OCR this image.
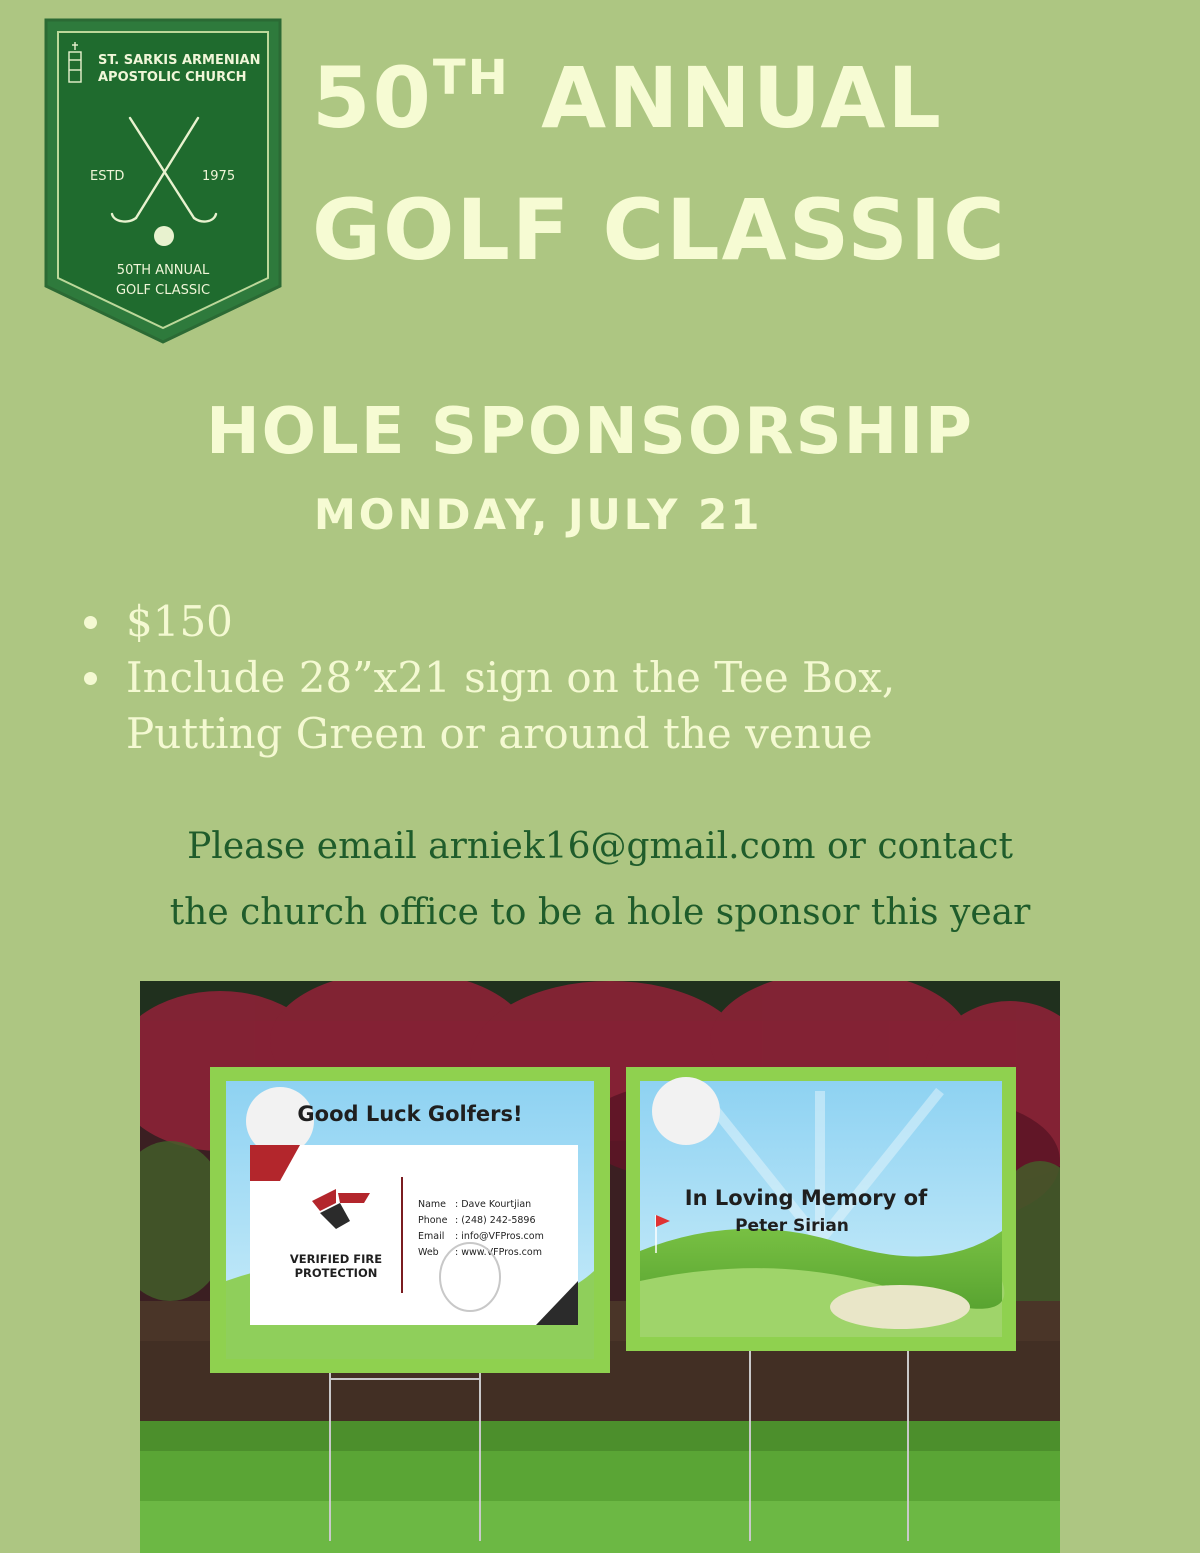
ST. SARKIS ARMENIAN
APOSTOLIC CHURCH
ESTD	1975
50TH ANNUAL
GOLF CLASSIC
50TH ANNUAL
GOLF CLASSIC
HOLE SPONSORSHIP
MONDAY, JULY 21
$150
Include 28”x21 sign on the Tee Box,
Putting Green or around the venue
Please email arniek16@gmail.com or contact
the church office to be a hole sponsor this year
Good Luck Golfers!
VERIFIED FIRE
PROTECTION
Name : Dave Kourtjian
Phone : (248) 242-5896
Email : info@VFPros.com
Web : www.VFPros.com
In Loving Memory of
Peter Sirian
